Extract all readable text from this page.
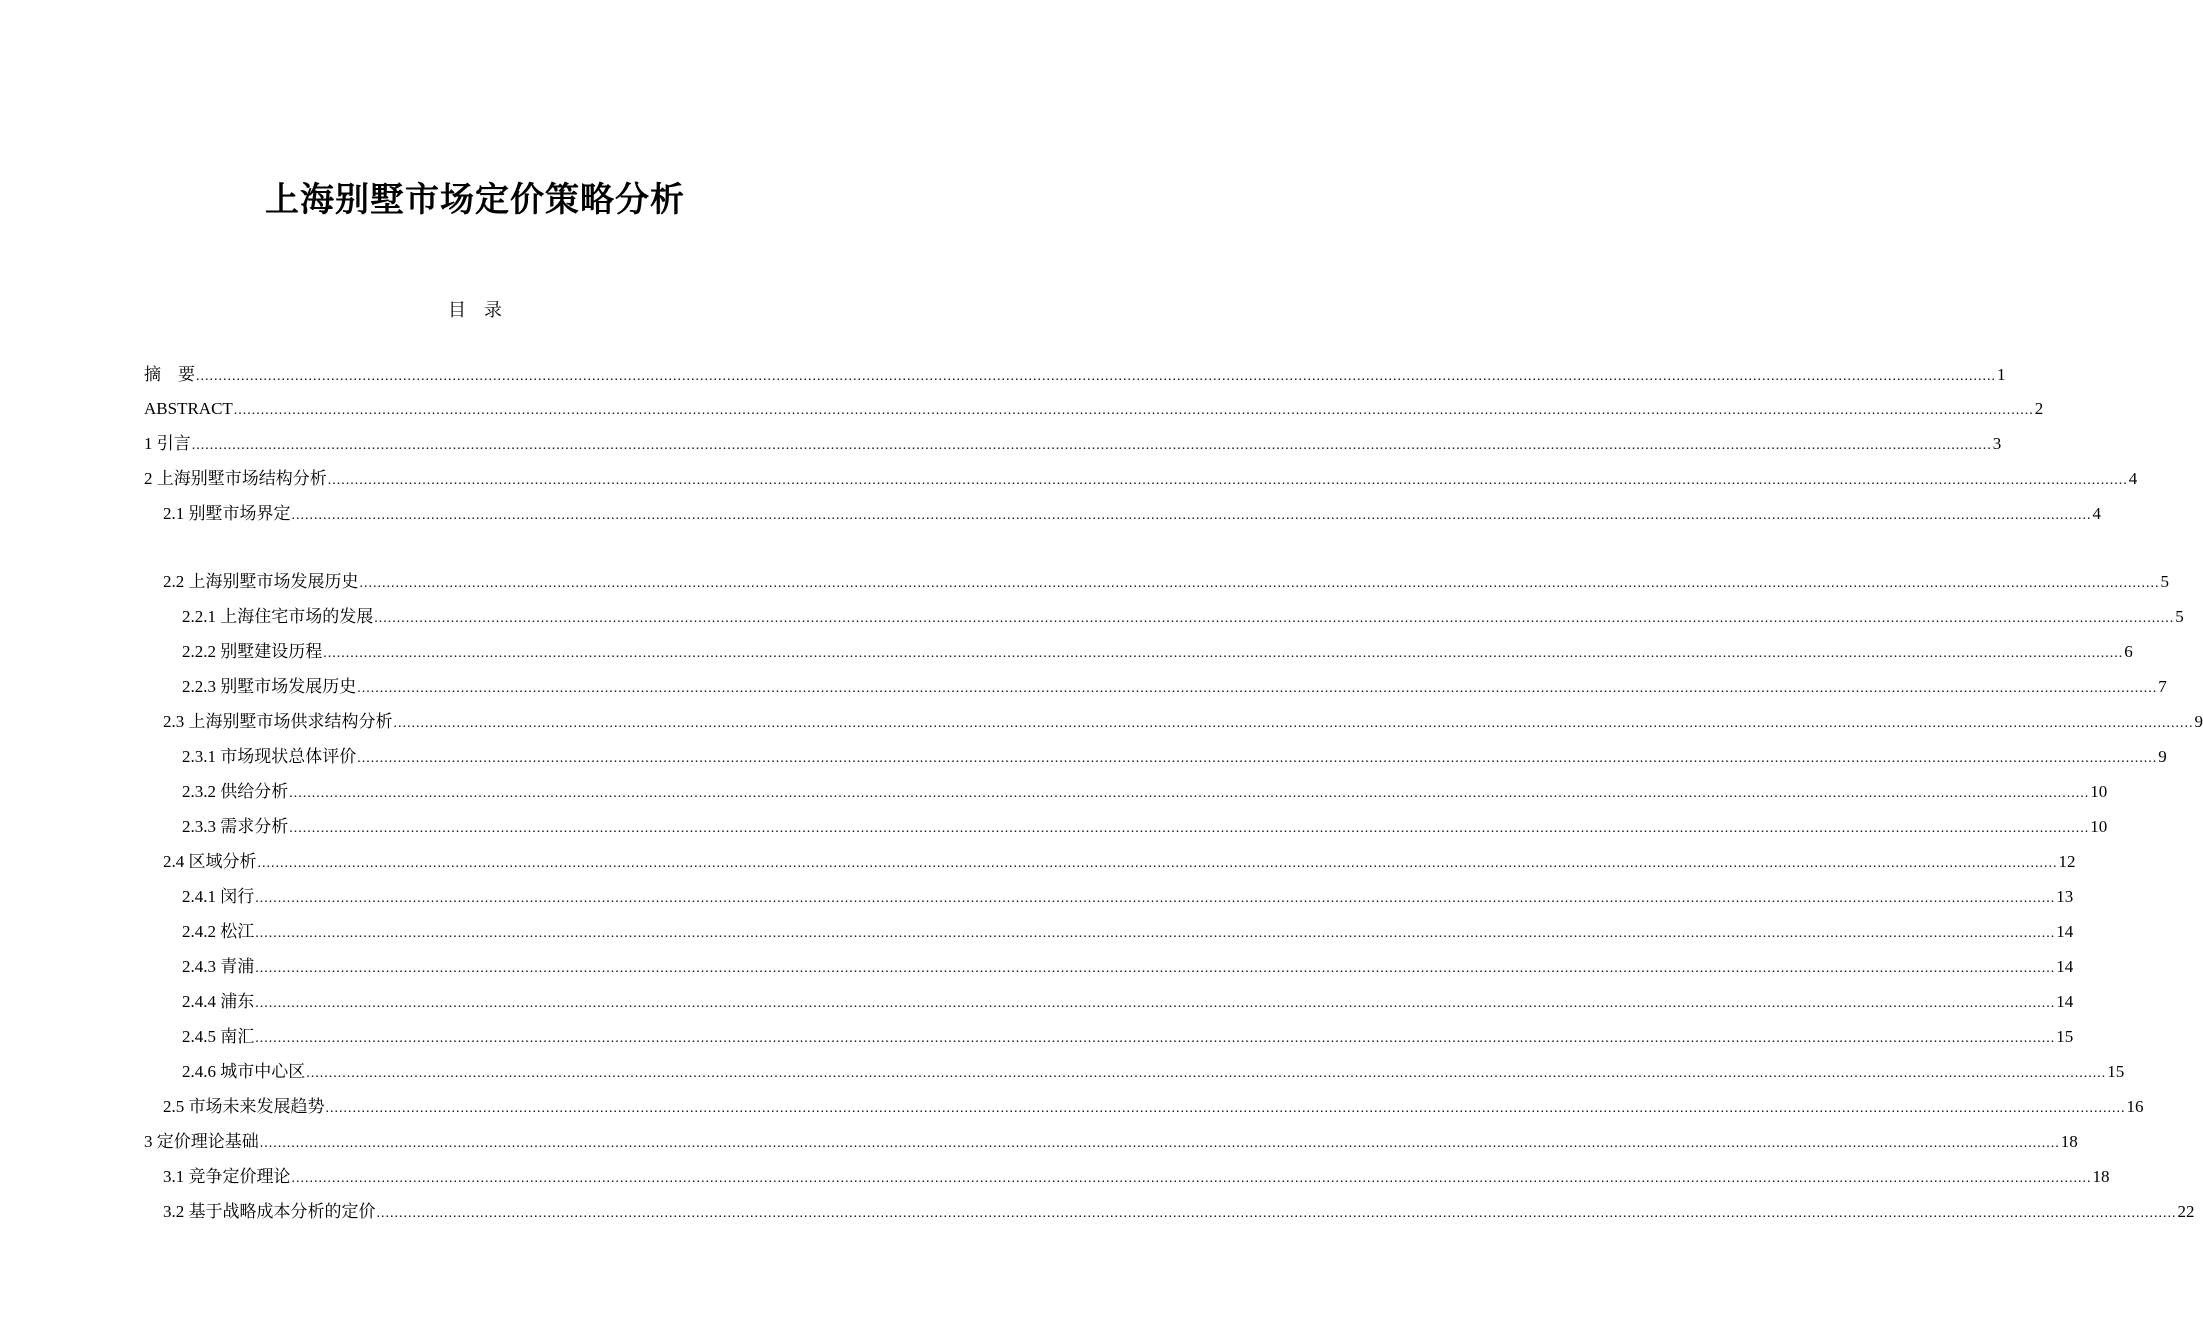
上海别墅市场定价策略分析
目　录
摘　要 ................................................................................................................................................................................................................................................................................................................................................................................................................ 1
ABSTRACT ................................................................................................................................................................................................................................................................................................................................................................................................................ 2
1 引言 ................................................................................................................................................................................................................................................................................................................................................................................................................ 3
2 上海别墅市场结构分析 ................................................................................................................................................................................................................................................................................................................................................................................................................ 4
2.1 别墅市场界定 ................................................................................................................................................................................................................................................................................................................................................................................................................ 4
2.2 上海别墅市场发展历史 ................................................................................................................................................................................................................................................................................................................................................................................................................ 5
2.2.1 上海住宅市场的发展 ................................................................................................................................................................................................................................................................................................................................................................................................................ 5
2.2.2 别墅建设历程 ................................................................................................................................................................................................................................................................................................................................................................................................................ 6
2.2.3 别墅市场发展历史 ................................................................................................................................................................................................................................................................................................................................................................................................................ 7
2.3 上海别墅市场供求结构分析 ................................................................................................................................................................................................................................................................................................................................................................................................................ 9
2.3.1 市场现状总体评价 ................................................................................................................................................................................................................................................................................................................................................................................................................ 9
2.3.2 供给分析 ................................................................................................................................................................................................................................................................................................................................................................................................................ 10
2.3.3 需求分析 ................................................................................................................................................................................................................................................................................................................................................................................................................ 10
2.4 区域分析 ................................................................................................................................................................................................................................................................................................................................................................................................................ 12
2.4.1 闵行 ................................................................................................................................................................................................................................................................................................................................................................................................................ 13
2.4.2 松江 ................................................................................................................................................................................................................................................................................................................................................................................................................ 14
2.4.3 青浦 ................................................................................................................................................................................................................................................................................................................................................................................................................ 14
2.4.4 浦东 ................................................................................................................................................................................................................................................................................................................................................................................................................ 14
2.4.5 南汇 ................................................................................................................................................................................................................................................................................................................................................................................................................ 15
2.4.6 城市中心区 ................................................................................................................................................................................................................................................................................................................................................................................................................ 15
2.5 市场未来发展趋势 ................................................................................................................................................................................................................................................................................................................................................................................................................ 16
3 定价理论基础 ................................................................................................................................................................................................................................................................................................................................................................................................................ 18
3.1 竞争定价理论 ................................................................................................................................................................................................................................................................................................................................................................................................................ 18
3.2 基于战略成本分析的定价 ................................................................................................................................................................................................................................................................................................................................................................................................................ 22
